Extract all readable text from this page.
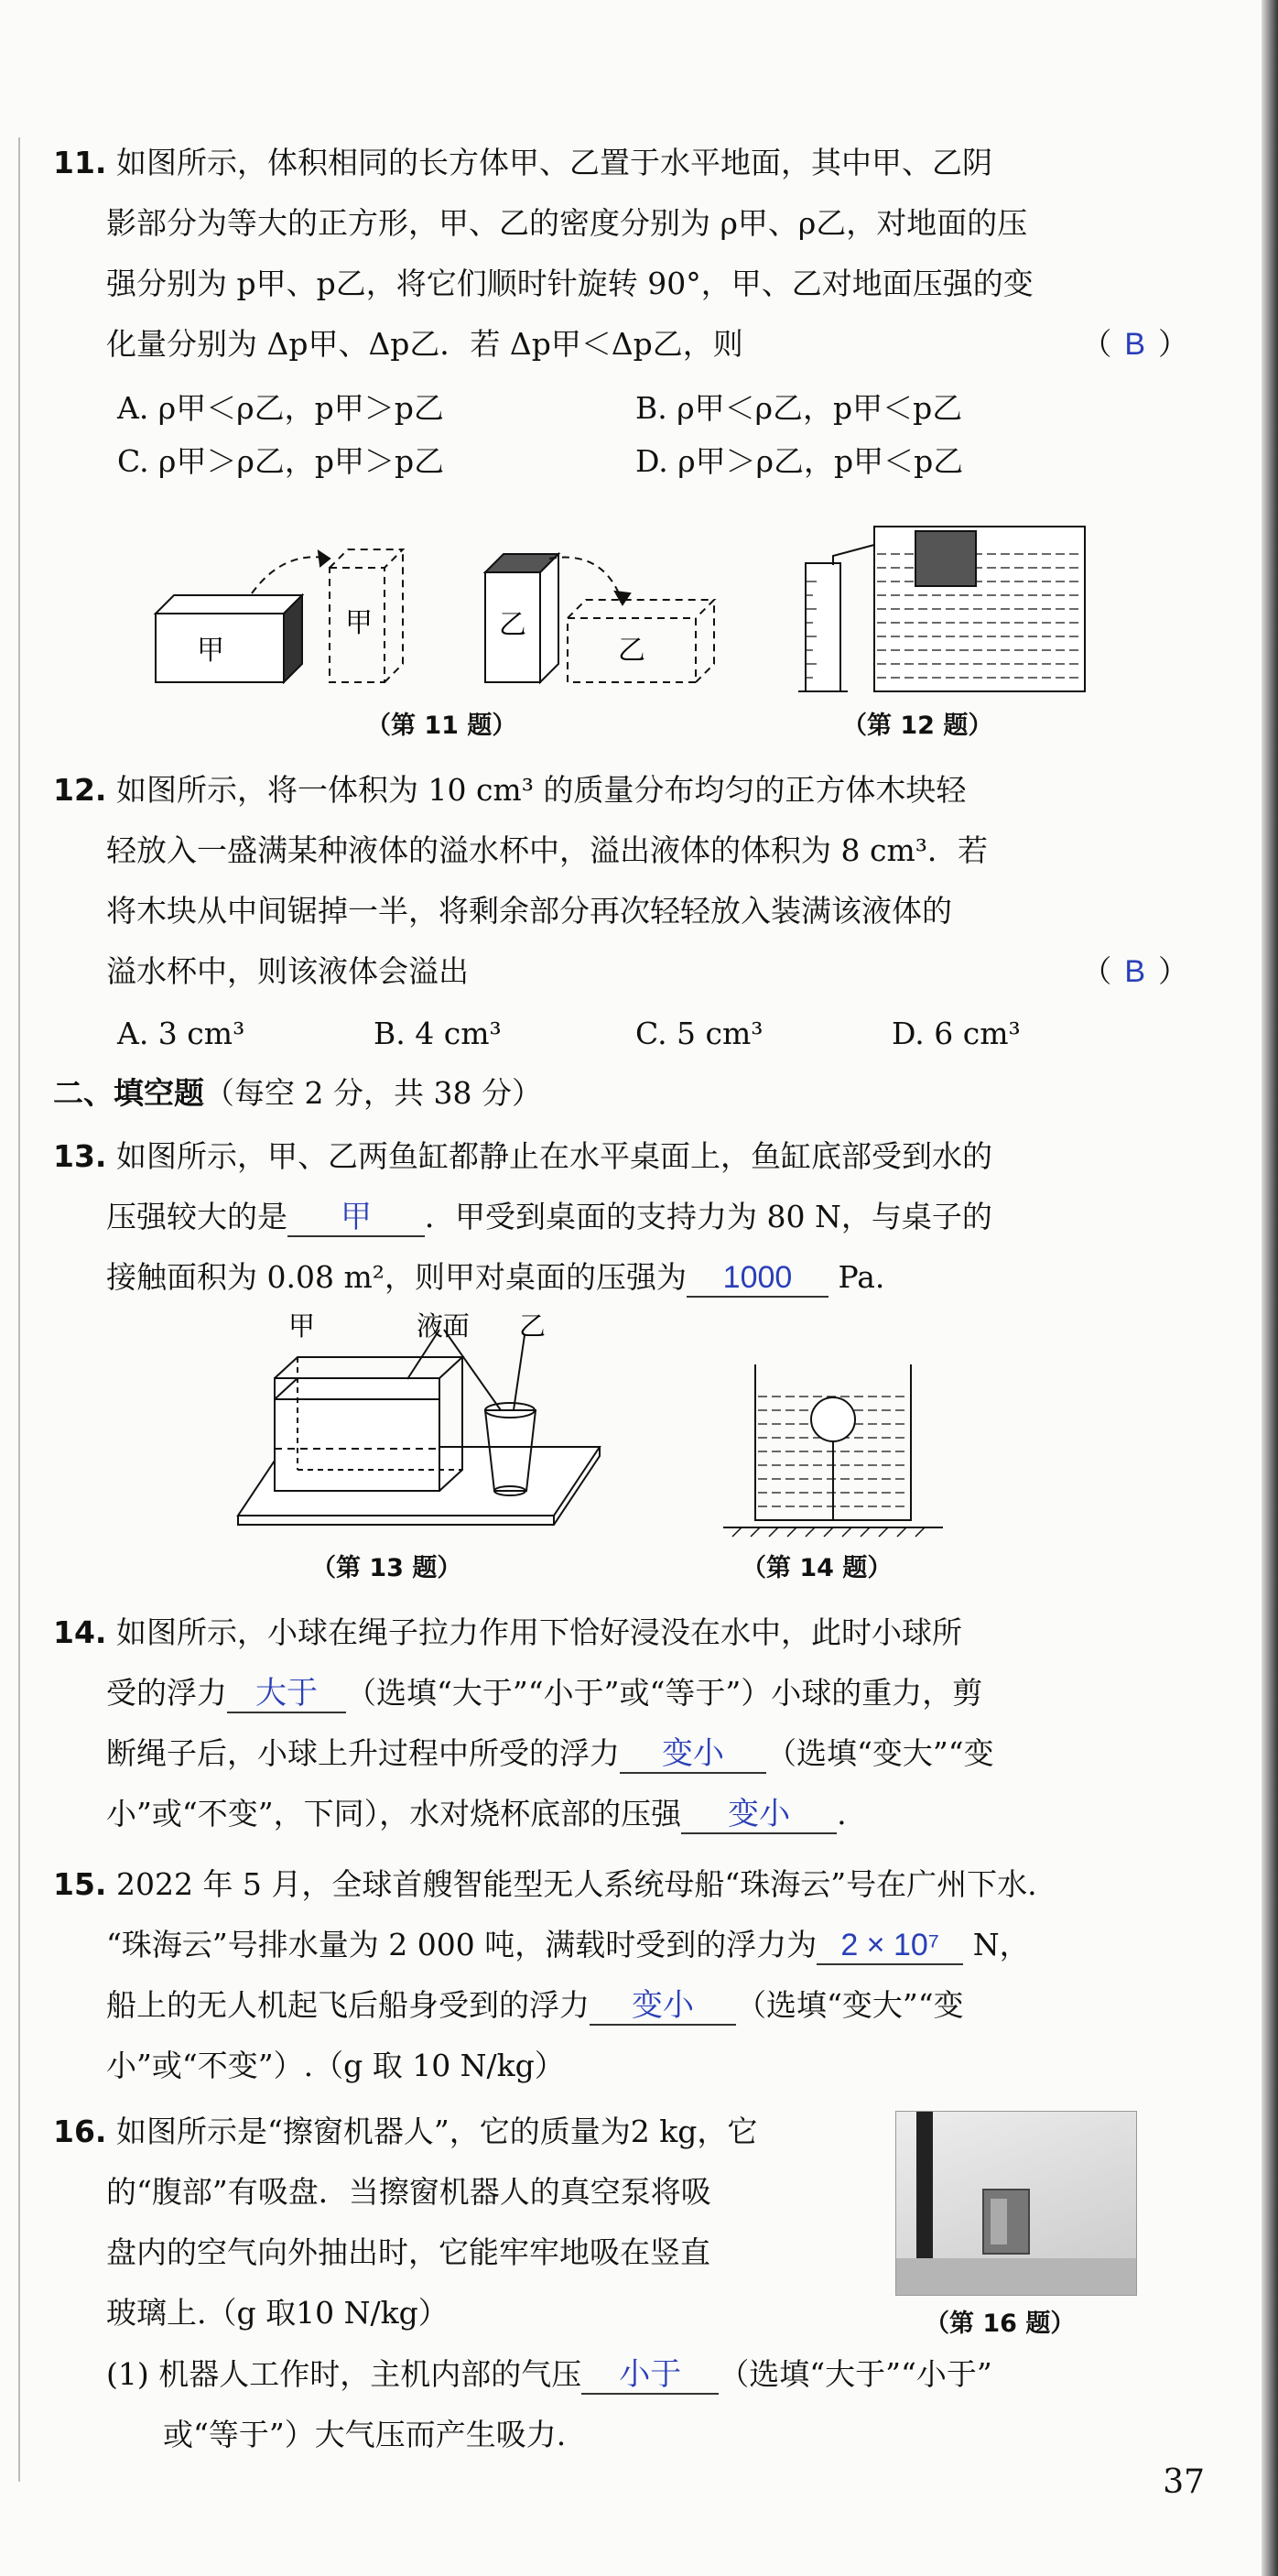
11. 如图所示，体积相同的长方体甲、乙置于水平地面，其中甲、乙阴
影部分为等大的正方形，甲、乙的密度分别为 ρ甲、ρ乙，对地面的压
强分别为 p甲、p乙，将它们顺时针旋转 90°，甲、乙对地面压强的变
化量分别为 Δp甲、Δp乙．若 Δp甲＜Δp乙，则	（ B ）
A. ρ甲＜ρ乙，p甲＞p乙	B. ρ甲＜ρ乙，p甲＜p乙
C. ρ甲＞ρ乙，p甲＞p乙	D. ρ甲＞ρ乙，p甲＜p乙
甲
甲	乙
乙
（第 11 题）	（第 12 题）
12. 如图所示，将一体积为 10 cm³ 的质量分布均匀的正方体木块轻
轻放入一盛满某种液体的溢水杯中，溢出液体的体积为 8 cm³．若
将木块从中间锯掉一半，将剩余部分再次轻轻放入装满该液体的
溢水杯中，则该液体会溢出	（ B ）
A. 3 cm³	B. 4 cm³	C. 5 cm³	D. 6 cm³
二、填空题（每空 2 分，共 38 分）
13. 如图所示，甲、乙两鱼缸都静止在水平桌面上，鱼缸底部受到水的
压强较大的是 甲 ．甲受到桌面的支持力为 80 N，与桌子的
接触面积为 0.08 m²，则甲对桌面的压强为 1000 Pa.
甲	液面 乙
（第 13 题）	（第 14 题）
14. 如图所示，小球在绳子拉力作用下恰好浸没在水中，此时小球所
受的浮力 大于 （选填“大于”“小于”或“等于”）小球的重力，剪
断绳子后，小球上升过程中所受的浮力 变小 （选填“变大”“变
小”或“不变”，下同），水对烧杯底部的压强 变小 .
15. 2022 年 5 月，全球首艘智能型无人系统母船“珠海云”号在广州下水.
“珠海云”号排水量为 2 000 吨，满载时受到的浮力为 2 × 10⁷ N，
船上的无人机起飞后船身受到的浮力 变小 （选填“变大”“变
小”或“不变”）.（g 取 10 N/kg）
16. 如图所示是“擦窗机器人”，它的质量为2 kg，它
的“腹部”有吸盘．当擦窗机器人的真空泵将吸
盘内的空气向外抽出时，它能牢牢地吸在竖直
玻璃上.（g 取10 N/kg）	（第 16 题）
(1) 机器人工作时，主机内部的气压 小于 （选填“大于”“小于”
或“等于”）大气压而产生吸力.
37
